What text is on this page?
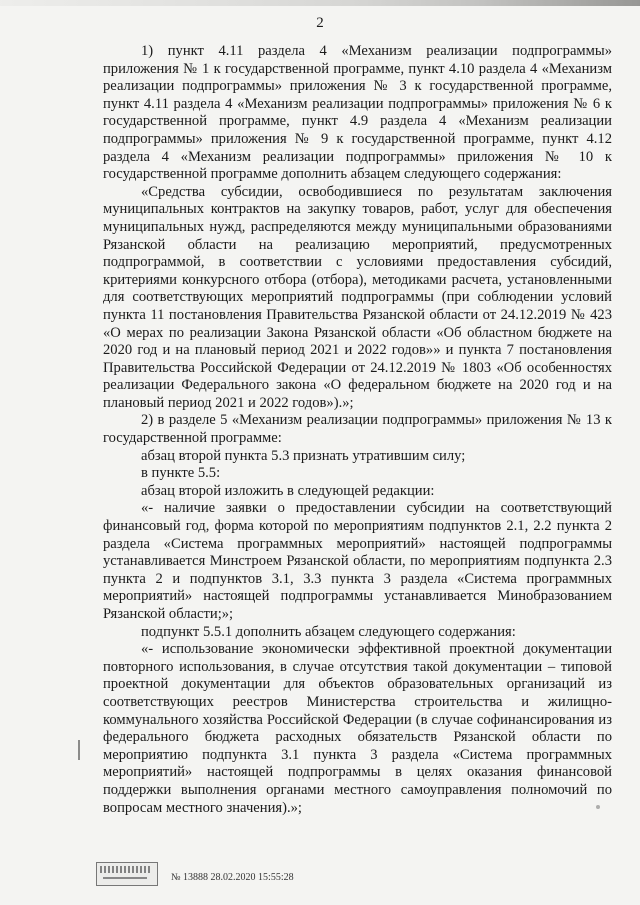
2

1) пункт 4.11 раздела 4 «Механизм реализации подпрограммы» приложения № 1 к государственной программе, пункт 4.10 раздела 4 «Механизм реализации подпрограммы» приложения № 3 к государственной программе, пункт 4.11 раздела 4 «Механизм реализации подпрограммы» приложения № 6 к государственной программе, пункт 4.9 раздела 4 «Механизм реализации подпрограммы» приложения № 9 к государственной программе, пункт 4.12 раздела 4 «Механизм реализации подпрограммы» приложения № 10 к государственной программе дополнить абзацем следующего содержания:

«Средства субсидии, освободившиеся по результатам заключения муниципальных контрактов на закупку товаров, работ, услуг для обеспечения муниципальных нужд, распределяются между муниципальными образованиями Рязанской области на реализацию мероприятий, предусмотренных подпрограммой, в соответствии с условиями предоставления субсидий, критериями конкурсного отбора (отбора), методиками расчета, установленными для соответствующих мероприятий подпрограммы (при соблюдении условий пункта 11 постановления Правительства Рязанской области от 24.12.2019 № 423 «О мерах по реализации Закона Рязанской области «Об областном бюджете на 2020 год и на плановый период 2021 и 2022 годов»» и пункта 7 постановления Правительства Российской Федерации от 24.12.2019 № 1803 «Об особенностях реализации Федерального закона «О федеральном бюджете на 2020 год и на плановый период 2021 и 2022 годов»).»;

2) в разделе 5 «Механизм реализации подпрограммы» приложения № 13 к государственной программе:

абзац второй пункта 5.3 признать утратившим силу;

в пункте 5.5:

абзац второй изложить в следующей редакции:

«- наличие заявки о предоставлении субсидии на соответствующий финансовый год, форма которой по мероприятиям подпунктов 2.1, 2.2 пункта 2 раздела «Система программных мероприятий» настоящей подпрограммы устанавливается Минстроем Рязанской области, по мероприятиям подпункта 2.3 пункта 2 и подпунктов 3.1, 3.3 пункта 3 раздела «Система программных мероприятий» настоящей подпрограммы устанавливается Минобразованием Рязанской области;»;

подпункт 5.5.1 дополнить абзацем следующего содержания:

«- использование экономически эффективной проектной документации повторного использования, в случае отсутствия такой документации – типовой проектной документации для объектов образовательных организаций из соответствующих реестров Министерства строительства и жилищно-коммунального хозяйства Российской Федерации (в случае софинансирования из федерального бюджета расходных обязательств Рязанской области по мероприятию подпункта 3.1 пункта 3 раздела «Система программных мероприятий» настоящей подпрограммы в целях оказания финансовой поддержки выполнения органами местного самоуправления полномочий по вопросам местного значения).»;

№ 13888 28.02.2020 15:55:28
